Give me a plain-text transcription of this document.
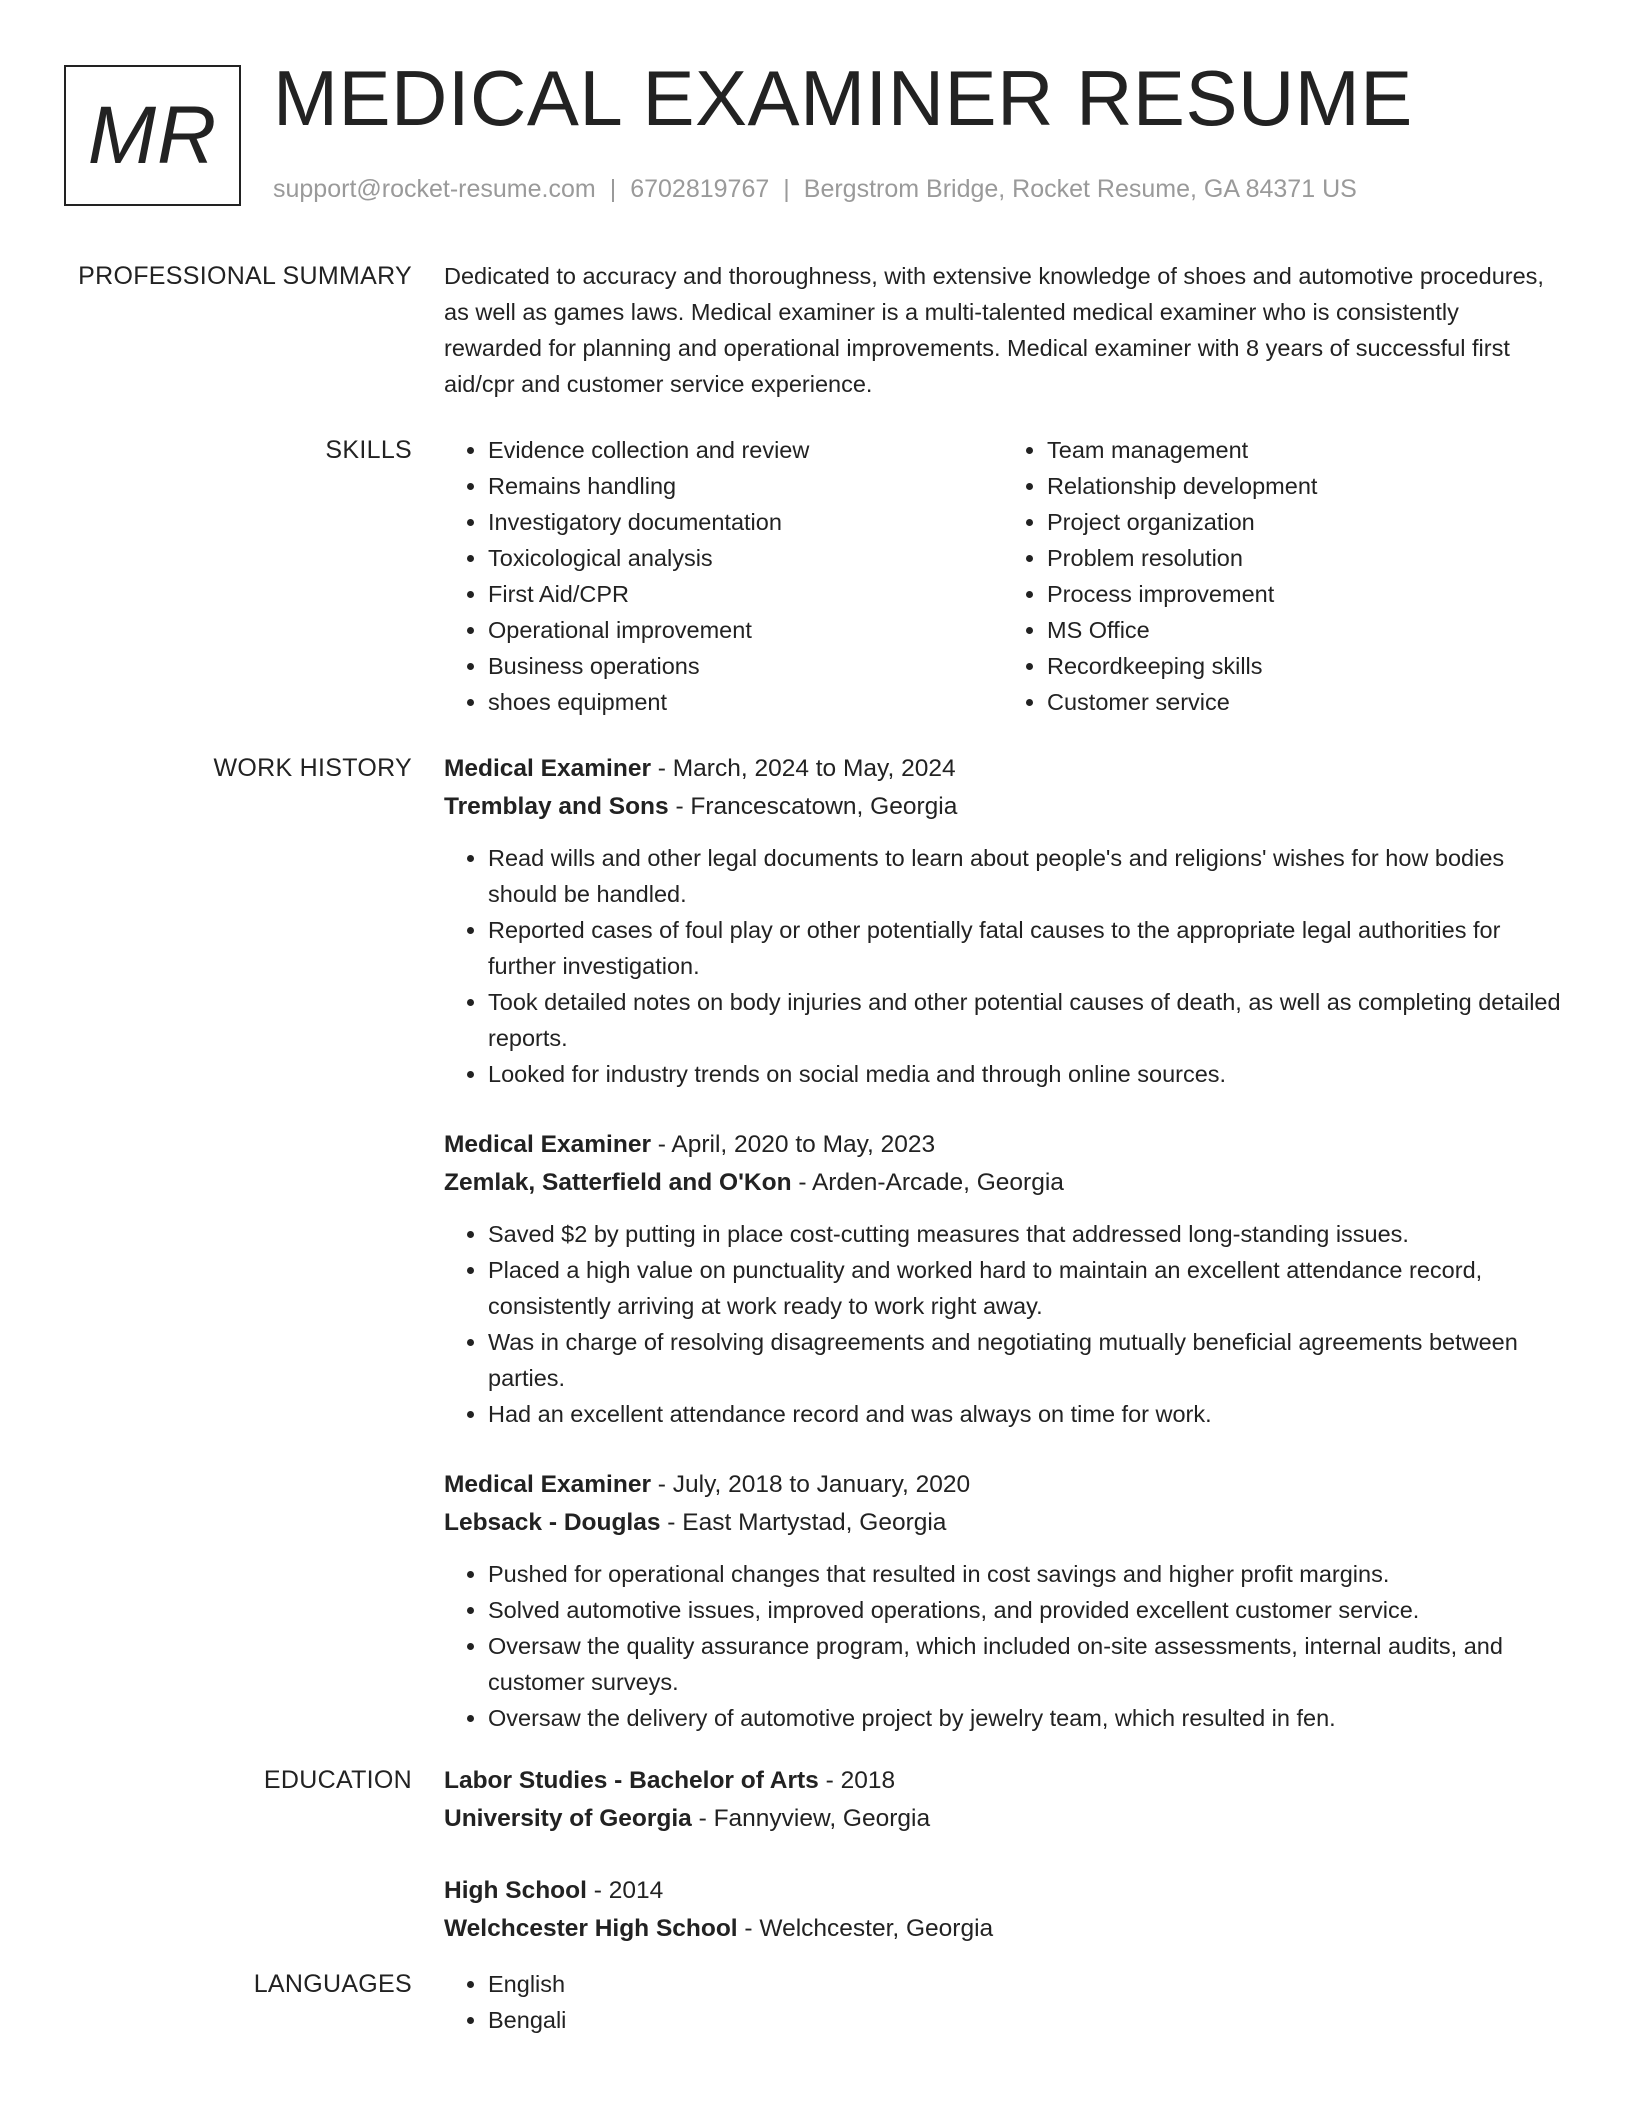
MR MEDICAL EXAMINER RESUME
support@rocket-resume.com | 6702819767 | Bergstrom Bridge, Rocket Resume, GA 84371 US
PROFESSIONAL SUMMARY Dedicated to accuracy and thoroughness, with extensive knowledge of shoes and automotive procedures, as well as games laws. Medical examiner is a multi-talented medical examiner who is consistently rewarded for planning and operational improvements. Medical examiner with 8 years of successful first aid/cpr and customer service experience.

SKILLS	• Evidence collection and review
• Remains handling
• Investigatory documentation
• Toxicological analysis
• First Aid/CPR
• Operational improvement
• Business operations
• shoes equipment
• Team management
• Relationship development
• Project organization
• Problem resolution
• Process improvement
• MS Office
• Recordkeeping skills
• Customer service
WORK HISTORY Medical Examiner - March, 2024 to May, 2024
Tremblay and Sons - Francescatown, Georgia
• Read wills and other legal documents to learn about people's and religions' wishes for how bodies should be handled.
• Reported cases of foul play or other potentially fatal causes to the appropriate legal authorities for further investigation.
• Took detailed notes on body injuries and other potential causes of death, as well as completing detailed reports.
• Looked for industry trends on social media and through online sources.
Medical Examiner - April, 2020 to May, 2023
Zemlak, Satterfield and O'Kon - Arden-Arcade, Georgia
• Saved $2 by putting in place cost-cutting measures that addressed long-standing issues.
• Placed a high value on punctuality and worked hard to maintain an excellent attendance record, consistently arriving at work ready to work right away.
• Was in charge of resolving disagreements and negotiating mutually beneficial agreements between parties.
• Had an excellent attendance record and was always on time for work.
Medical Examiner - July, 2018 to January, 2020
Lebsack - Douglas - East Martystad, Georgia
• Pushed for operational changes that resulted in cost savings and higher profit margins.
• Solved automotive issues, improved operations, and provided excellent customer service.
• Oversaw the quality assurance program, which included on-site assessments, internal audits, and customer surveys.
• Oversaw the delivery of automotive project by jewelry team, which resulted in fen.
EDUCATION Labor Studies - Bachelor of Arts - 2018
University of Georgia - Fannyview, Georgia
High School - 2014
Welchcester High School - Welchcester, Georgia
LANGUAGES	• English
• Bengali
